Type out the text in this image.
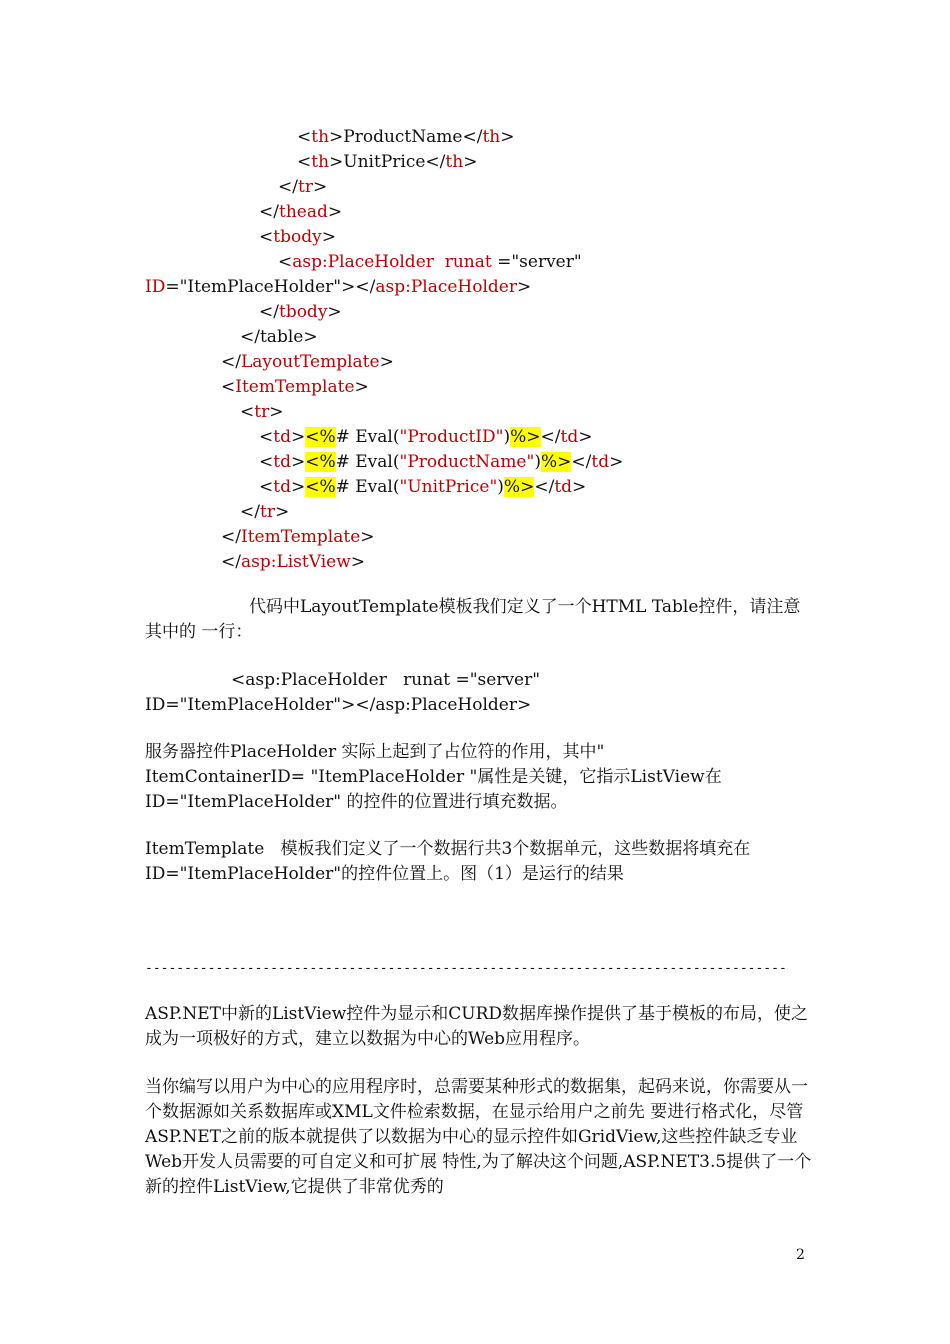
<th>ProductName</th>
<th>UnitPrice</th>
</tr>
</thead>
<tbody>
<asp:PlaceHolder runat ="server"
ID="ItemPlaceHolder"></asp:PlaceHolder>
</tbody>
</table>
</LayoutTemplate>
<ItemTemplate>
<tr>
<td><%# Eval("ProductID")%></td>
<td><%# Eval("ProductName")%></td>
<td><%# Eval("UnitPrice")%></td>
</tr>
</ItemTemplate>
</asp:ListView>
代码中LayoutTemplate模板我们定义了一个HTML Table控件，请注意其中的 一行：
<asp:PlaceHolder   runat ="server"
ID="ItemPlaceHolder"></asp:PlaceHolder>
服务器控件PlaceHolder 实际上起到了占位符的作用，其中"
ItemContainerID= "ItemPlaceHolder "属性是关键，它指示ListView在
ID="ItemPlaceHolder" 的控件的位置进行填充数据。
ItemTemplate   模板我们定义了一个数据行共3个数据单元，这些数据将填充在ID="ItemPlaceHolder"的控件位置上。图（1）是运行的结果
----------------------------------------------------------------------------------
ASP.NET中新的ListView控件为显示和CURD数据库操作提供了基于模板的布局，使之成为一项极好的方式，建立以数据为中心的Web应用程序。
当你编写以用户为中心的应用程序时，总需要某种形式的数据集，起码来说，你需要从一个数据源如关系数据库或XML文件检索数据，在显示给用户之前先 要进行格式化，尽管ASP.NET之前的版本就提供了以数据为中心的显示控件如GridView,这些控件缺乏专业Web开发人员需要的可自定义和可扩展 特性,为了解决这个问题,ASP.NET3.5提供了一个新的控件ListView,它提供了非常优秀的
2
